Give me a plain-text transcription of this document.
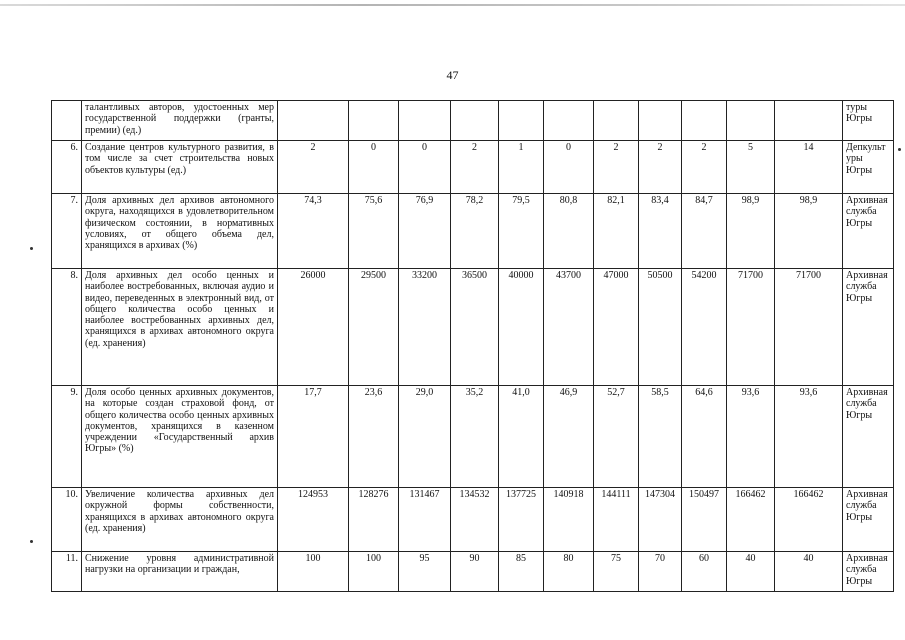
47
	талантливых авторов, удостоенных мер государственной поддержки (гранты, премии) (ед.)												туры Югры
6.	Создание центров культурного развития, в том числе за счет строительства новых объектов культуры (ед.)	2	0	0	2	1	0	2	2	2	5	14	Депкульт уры Югры
7.	Доля архивных дел архивов автономного округа, находящихся в удовлетворительном физическом состоянии, в нормативных условиях, от общего объема дел, хранящихся в архивах (%)	74,3	75,6	76,9	78,2	79,5	80,8	82,1	83,4	84,7	98,9	98,9	Архивная служба Югры
8.	Доля архивных дел особо ценных и наиболее востребованных, включая аудио и видео, переведенных в электронный вид, от общего количества особо ценных и наиболее востребованных архивных дел, хранящихся в архивах автономного округа (ед. хранения)	26000	29500	33200	36500	40000	43700	47000	50500	54200	71700	71700	Архивная служба Югры
9.	Доля особо ценных архивных документов, на которые создан страховой фонд, от общего количества особо ценных архивных документов, хранящихся в казенном учреждении «Государственный архив Югры» (%)	17,7	23,6	29,0	35,2	41,0	46,9	52,7	58,5	64,6	93,6	93,6	Архивная служба Югры
10.	Увеличение количества архивных дел окружной формы собственности, хранящихся в архивах автономного округа (ед. хранения)	124953	128276	131467	134532	137725	140918	144111	147304	150497	166462	166462	Архивная служба Югры
11.	Снижение уровня административной нагрузки на организации и граждан,	100	100	95	90	85	80	75	70	60	40	40	Архивная служба Югры
